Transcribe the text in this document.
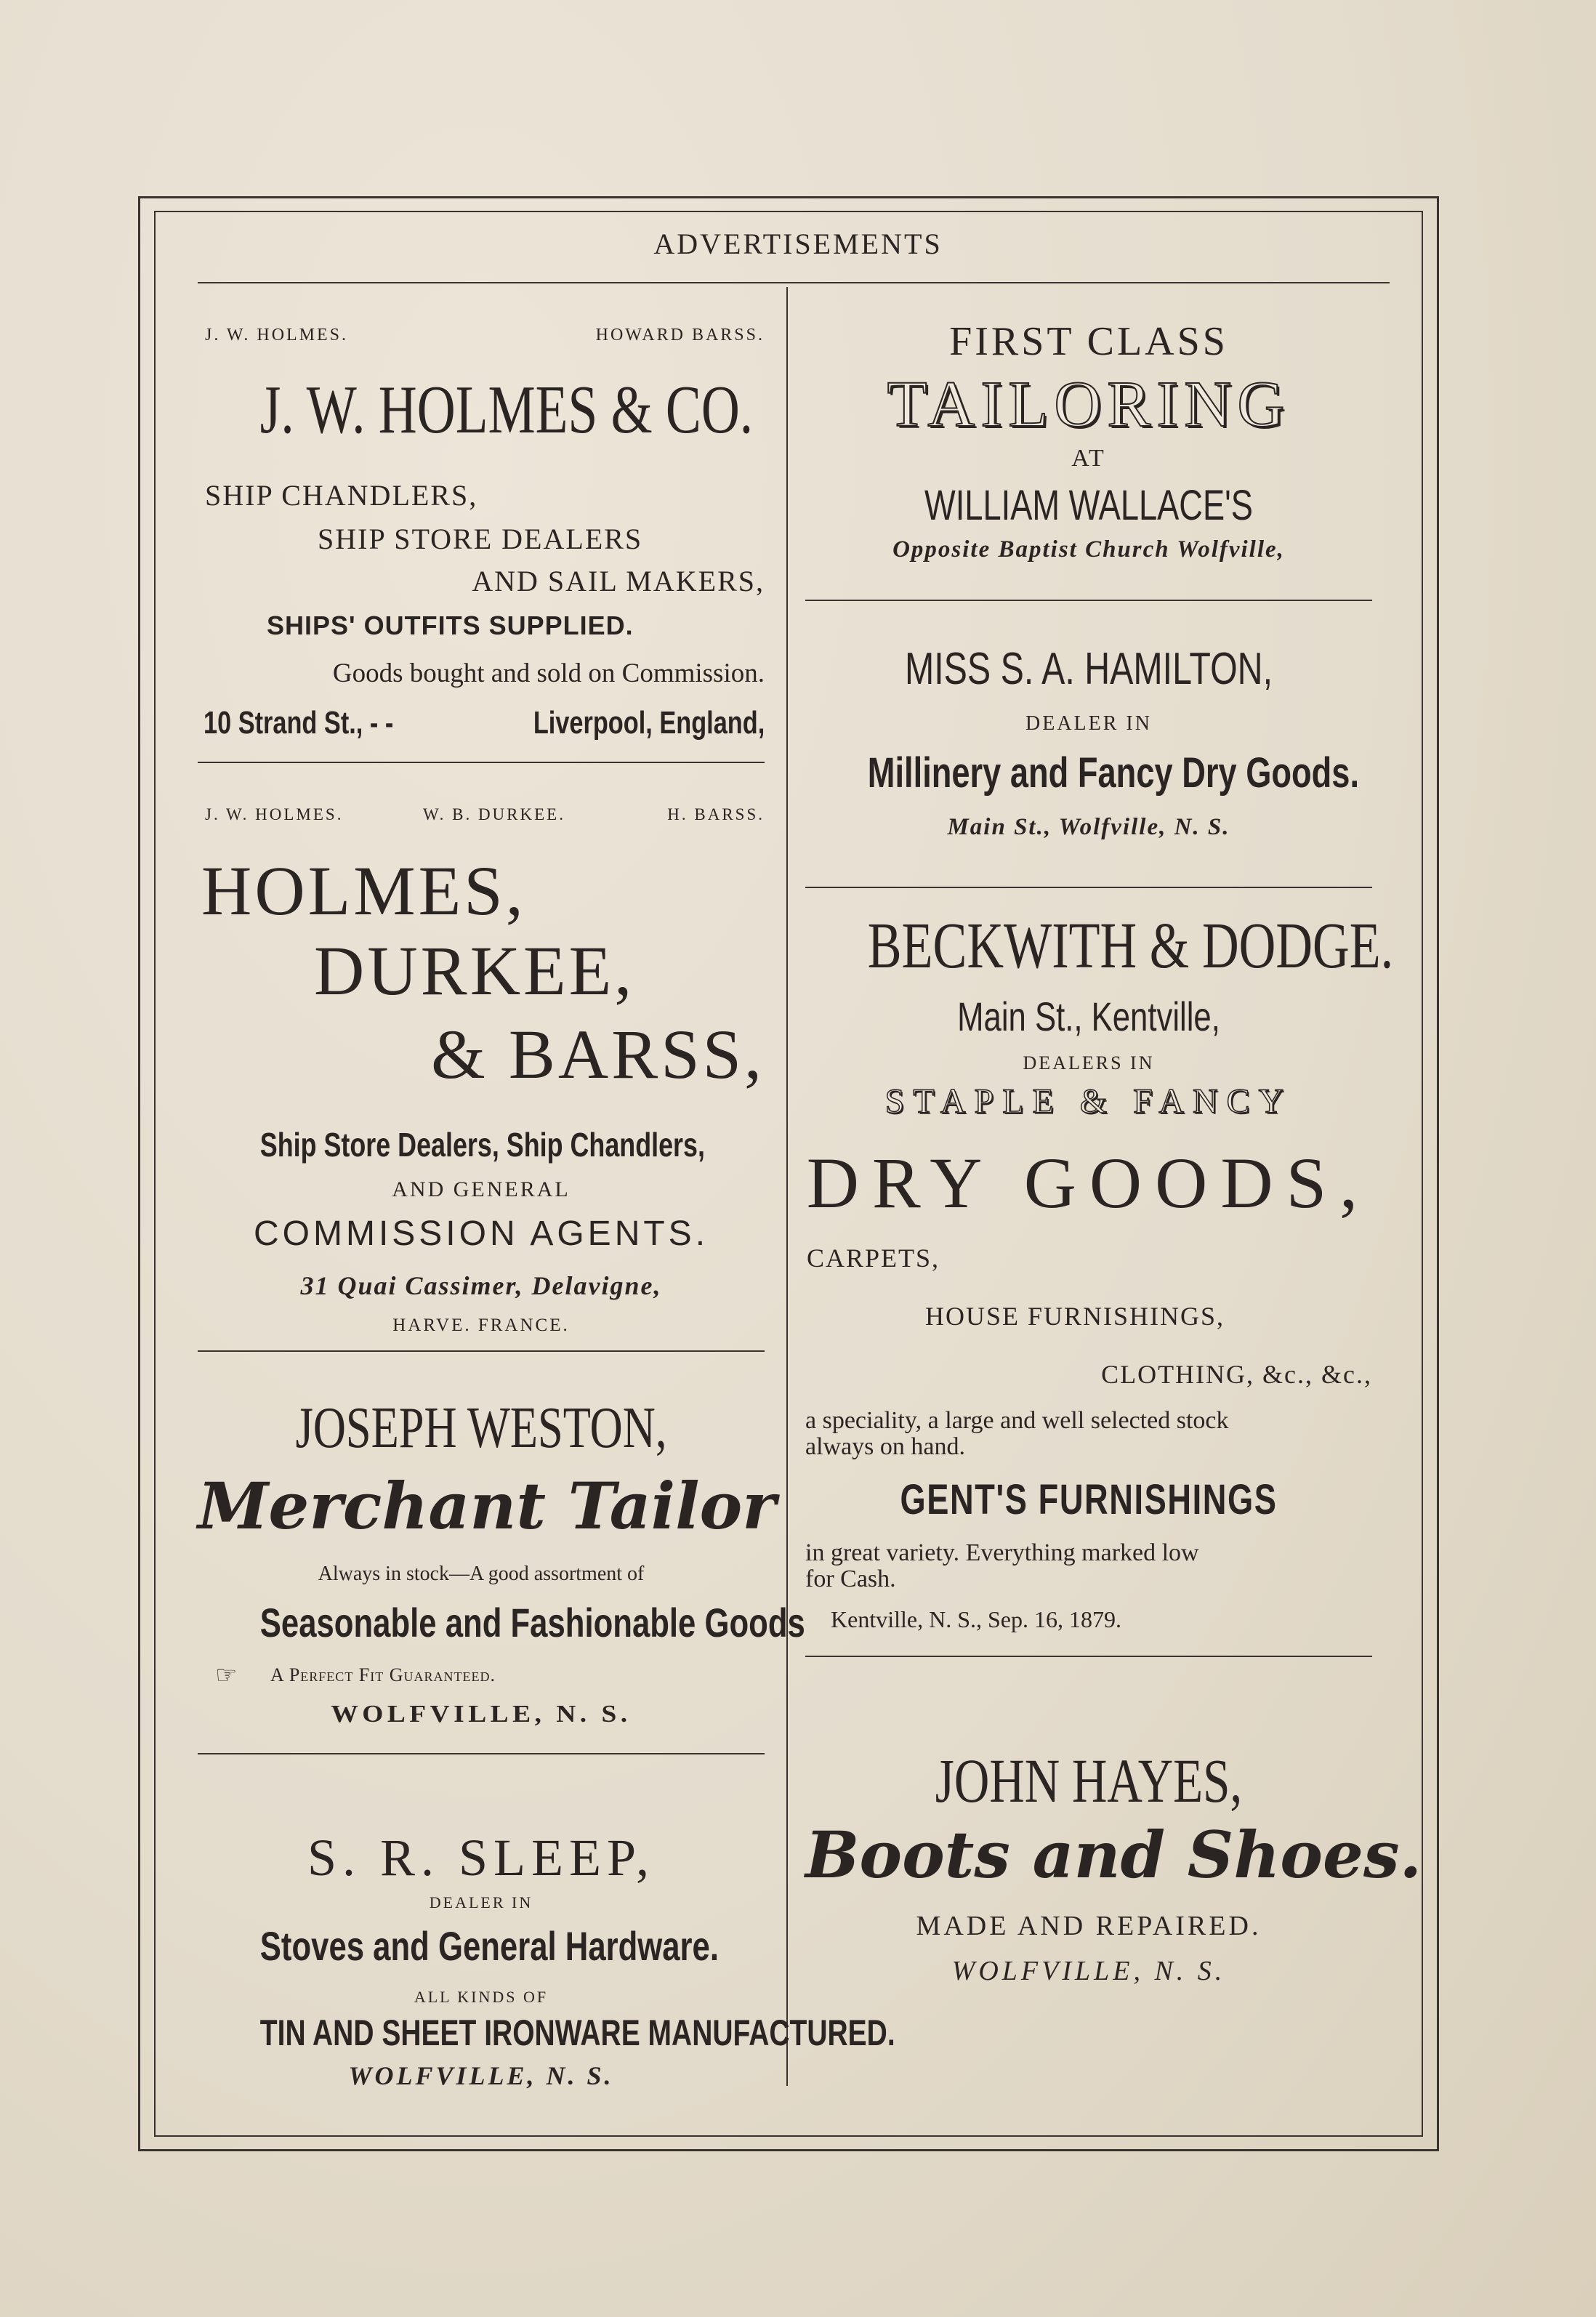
ADVERTISEMENTS
J. W. HOLMES.	HOWARD BARSS.
J. W. HOLMES & CO.
SHIP CHANDLERS,
SHIP STORE DEALERS
AND SAIL MAKERS,
SHIPS' OUTFITS SUPPLIED.
Goods bought and sold on Commission.
10 Strand St., - -	Liverpool, England,
J. W. HOLMES.	W. B. DURKEE.	H. BARSS.
HOLMES,
DURKEE,
& BARSS,
Ship Store Dealers, Ship Chandlers,
AND GENERAL
COMMISSION AGENTS.
31 Quai Cassimer, Delavigne,
HARVE. FRANCE.
JOSEPH WESTON,
Merchant Tailor
Always in stock—A good assortment of
Seasonable and Fashionable Goods
☞ A Perfect Fit Guaranteed.
WOLFVILLE, N. S.
S. R. SLEEP,
DEALER IN
Stoves and General Hardware.
ALL KINDS OF
TIN AND SHEET IRONWARE MANUFACTURED.
WOLFVILLE, N. S.
FIRST CLASS
TAILORING
AT
WILLIAM WALLACE'S
Opposite Baptist Church Wolfville,
MISS S. A. HAMILTON,
DEALER IN
Millinery and Fancy Dry Goods.
Main St., Wolfville, N. S.
BECKWITH & DODGE.
Main St., Kentville,
DEALERS IN
STAPLE & FANCY
DRY GOODS,
CARPETS,
HOUSE FURNISHINGS,
CLOTHING, &c., &c.,
a speciality, a large and well selected stock
always on hand.
GENT'S FURNISHINGS
in great variety. Everything marked low
for Cash.
Kentville, N. S., Sep. 16, 1879.
JOHN HAYES,
Boots and Shoes.
MADE AND REPAIRED.
WOLFVILLE, N. S.
